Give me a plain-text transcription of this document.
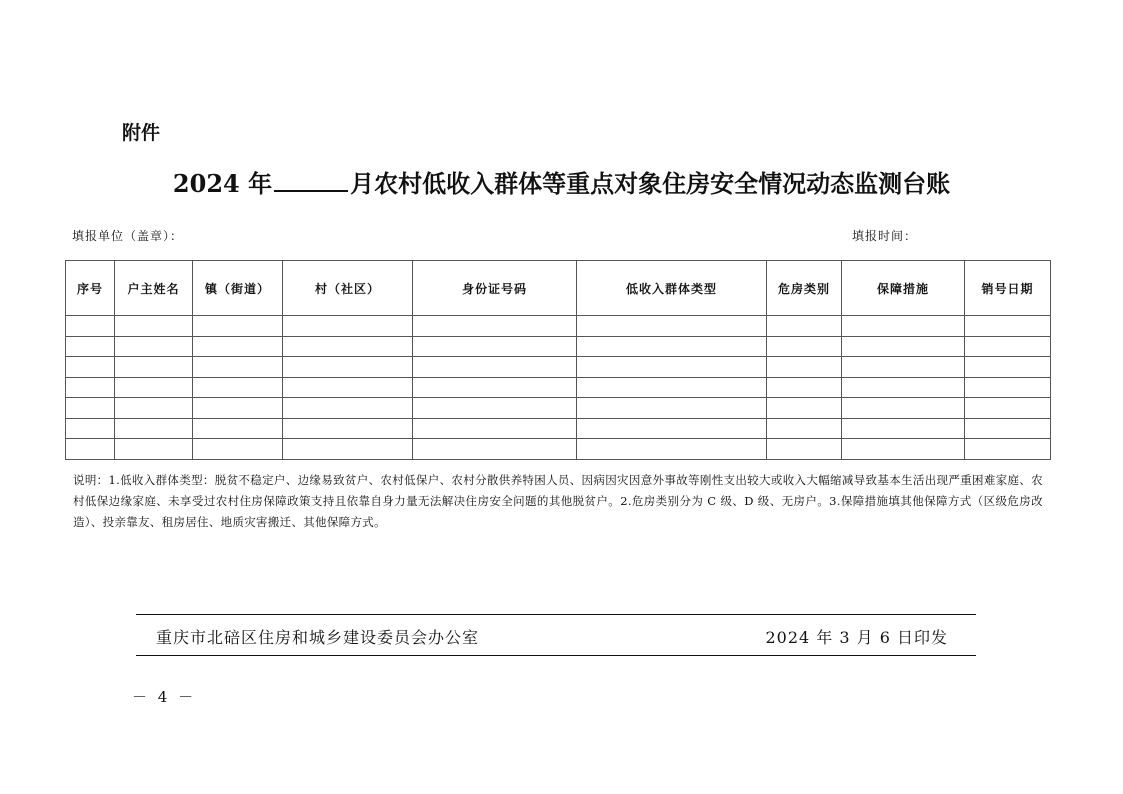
附件
2024 年	月农村低收入群体等重点对象住房安全情况动态监测台账
填报单位（盖章）：	填报时间：
序号	户主姓名	镇（街道）	村（社区）	身份证号码	低收入群体类型	危房类别	保障措施	销号日期

说明：1.低收入群体类型：脱贫不稳定户、边缘易致贫户、农村低保户、农村分散供养特困人员、因病因灾因意外事故等刚性支出较大或收入大幅缩减导致基本生活出现严重困难家庭、农村低保边缘家庭、未享受过农村住房保障政策支持且依靠自身力量无法解决住房安全问题的其他脱贫户。2.危房类别分为 C 级、D 级、无房户。3.保障措施填其他保障方式（区级危房改造）、投亲靠友、租房居住、地质灾害搬迁、其他保障方式。
重庆市北碚区住房和城乡建设委员会办公室	2024 年 3 月 6 日印发
－ 4 －
